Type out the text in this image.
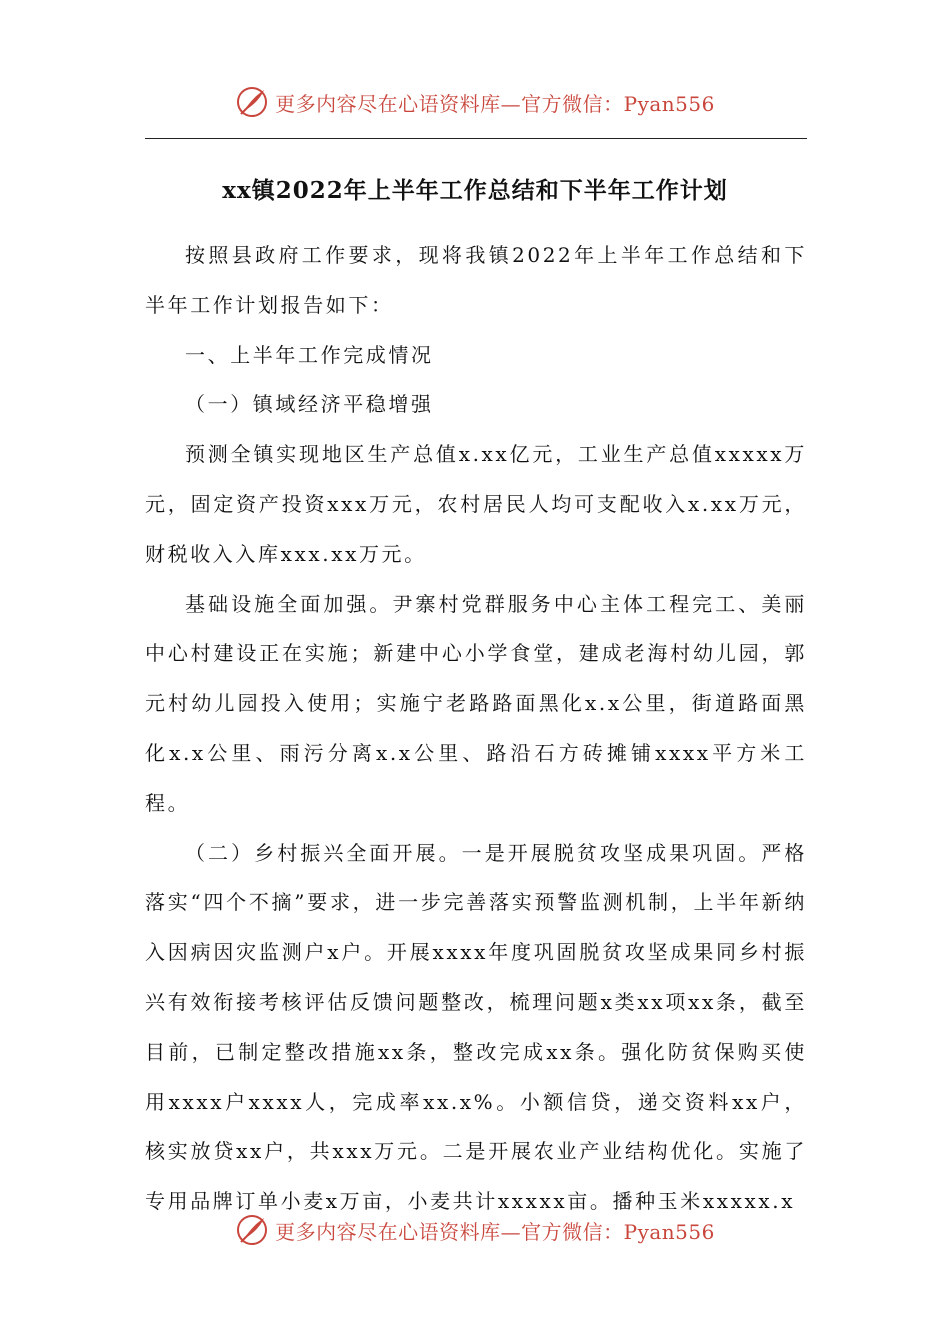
更多内容尽在心语资料库—官方微信：Pyan556
xx镇2022年上半年工作总结和下半年工作计划

按照县政府工作要求，现将我镇2022年上半年工作总结和下半年工作计划报告如下：

一、上半年工作完成情况

（一）镇域经济平稳增强

预测全镇实现地区生产总值x.xx亿元，工业生产总值xxxxx万元，固定资产投资xxx万元，农村居民人均可支配收入x.xx万元，财税收入入库xxx.xx万元。

基础设施全面加强。尹寨村党群服务中心主体工程完工、美丽中心村建设正在实施；新建中心小学食堂，建成老海村幼儿园，郭元村幼儿园投入使用；实施宁老路路面黑化x.x公里，街道路面黑化x.x公里、雨污分离x.x公里、路沿石方砖摊铺xxxx平方米工程。

（二）乡村振兴全面开展。一是开展脱贫攻坚成果巩固。严格落实“四个不摘”要求，进一步完善落实预警监测机制，上半年新纳入因病因灾监测户x户。开展xxxx年度巩固脱贫攻坚成果同乡村振兴有效衔接考核评估反馈问题整改，梳理问题x类xx项xx条，截至目前，已制定整改措施xx条，整改完成xx条。强化防贫保购买使用xxxx户xxxx人，完成率xx.x%。小额信贷，递交资料xx户，核实放贷xx户，共xxx万元。二是开展农业产业结构优化。实施了专用品牌订单小麦x万亩，小麦共计xxxxx亩。播种玉米xxxxx.x

更多内容尽在心语资料库—官方微信：Pyan556
